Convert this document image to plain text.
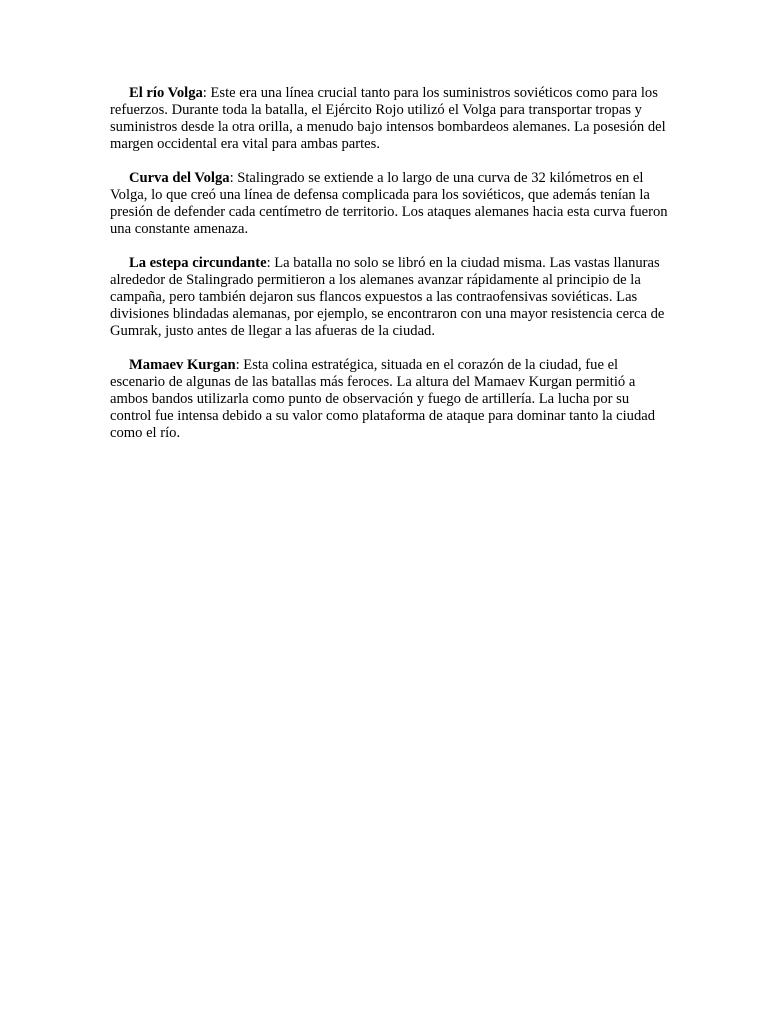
El río Volga: Este era una línea crucial tanto para los suministros soviéticos como para los refuerzos. Durante toda la batalla, el Ejército Rojo utilizó el Volga para transportar tropas y suministros desde la otra orilla, a menudo bajo intensos bombardeos alemanes. La posesión del margen occidental era vital para ambas partes.

Curva del Volga: Stalingrado se extiende a lo largo de una curva de 32 kilómetros en el Volga, lo que creó una línea de defensa complicada para los soviéticos, que además tenían la presión de defender cada centímetro de territorio. Los ataques alemanes hacia esta curva fueron una constante amenaza.

La estepa circundante: La batalla no solo se libró en la ciudad misma. Las vastas llanuras alrededor de Stalingrado permitieron a los alemanes avanzar rápidamente al principio de la campaña, pero también dejaron sus flancos expuestos a las contraofensivas soviéticas. Las divisiones blindadas alemanas, por ejemplo, se encontraron con una mayor resistencia cerca de Gumrak, justo antes de llegar a las afueras de la ciudad.

Mamaev Kurgan: Esta colina estratégica, situada en el corazón de la ciudad, fue el escenario de algunas de las batallas más feroces. La altura del Mamaev Kurgan permitió a ambos bandos utilizarla como punto de observación y fuego de artillería. La lucha por su control fue intensa debido a su valor como plataforma de ataque para dominar tanto la ciudad como el río.
